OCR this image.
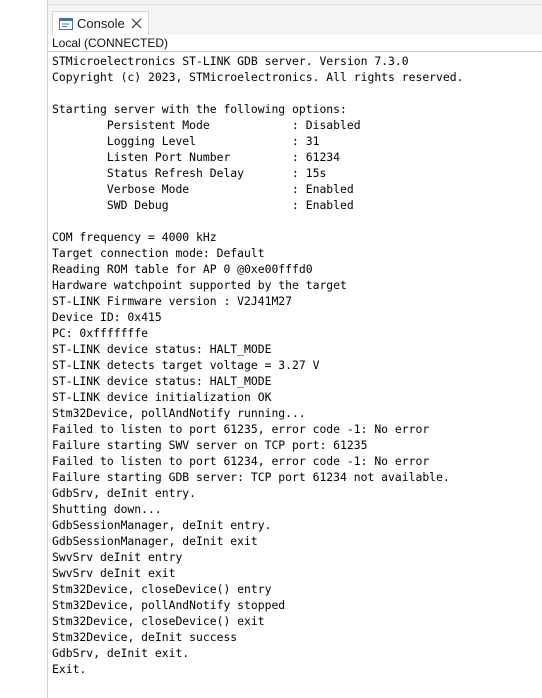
Console
Local (CONNECTED)
STMicroelectronics ST-LINK GDB server. Version 7.3.0
Copyright (c) 2023, STMicroelectronics. All rights reserved.
Starting server with the following options:
Persistent Mode            : Disabled
Logging Level              : 31
Listen Port Number         : 61234
Status Refresh Delay       : 15s
Verbose Mode               : Enabled
SWD Debug                  : Enabled
COM frequency = 4000 kHz
Target connection mode: Default
Reading ROM table for AP 0 @0xe00fffd0
Hardware watchpoint supported by the target
ST-LINK Firmware version : V2J41M27
Device ID: 0x415
PC: 0xfffffffe
ST-LINK device status: HALT_MODE
ST-LINK detects target voltage = 3.27 V
ST-LINK device status: HALT_MODE
ST-LINK device initialization OK
Stm32Device, pollAndNotify running...
Failed to listen to port 61235, error code -1: No error
Failure starting SWV server on TCP port: 61235
Failed to listen to port 61234, error code -1: No error
Failure starting GDB server: TCP port 61234 not available.
GdbSrv, deInit entry.
Shutting down...
GdbSessionManager, deInit entry.
GdbSessionManager, deInit exit
SwvSrv deInit entry
SwvSrv deInit exit
Stm32Device, closeDevice() entry
Stm32Device, pollAndNotify stopped
Stm32Device, closeDevice() exit
Stm32Device, deInit success
GdbSrv, deInit exit.
Exit.
